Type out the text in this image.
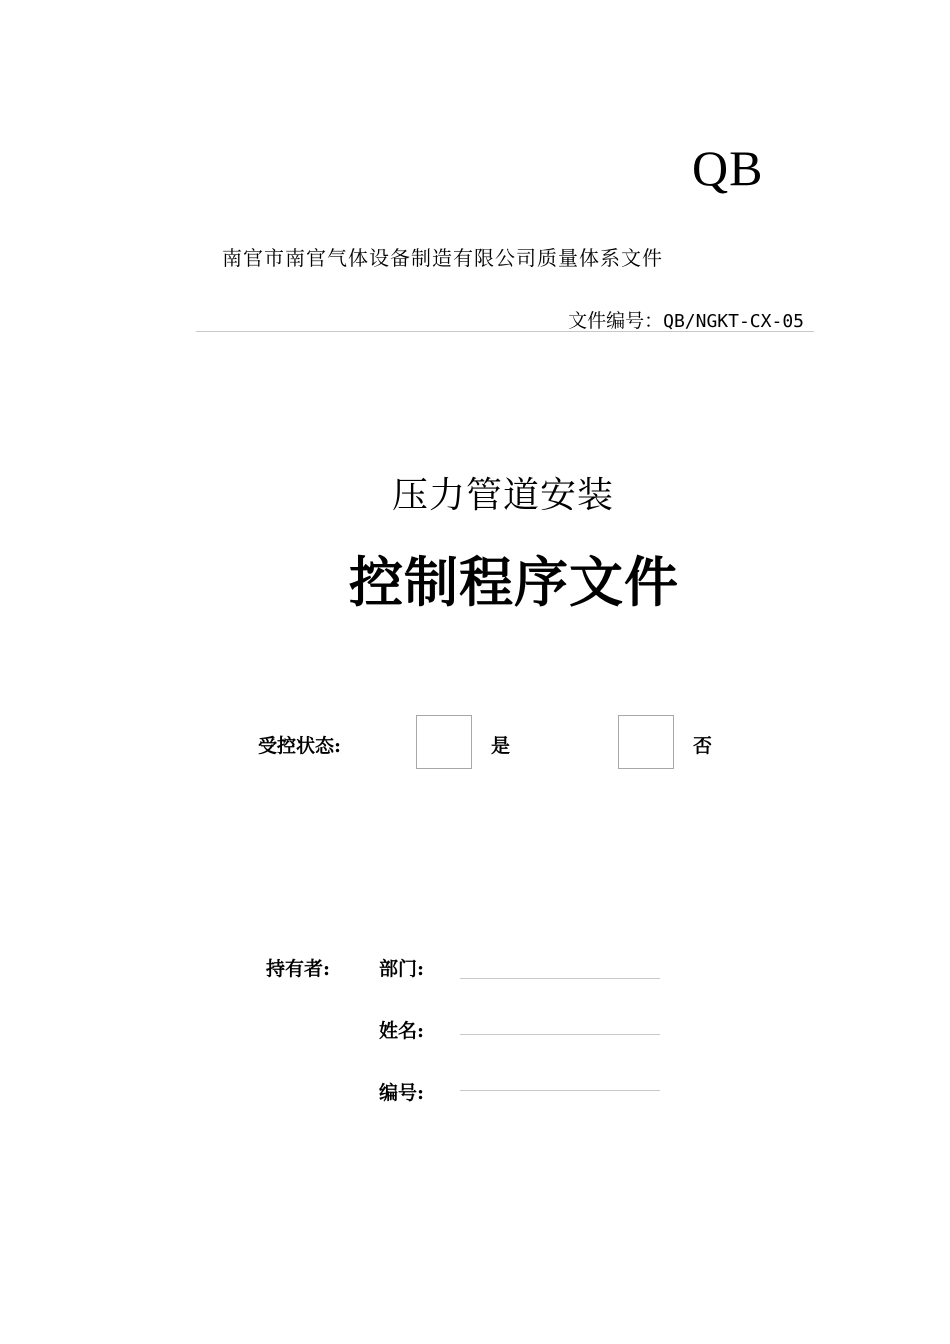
QB
南官市南官气体设备制造有限公司质量体系文件
文件编号：QB/NGKT-CX-05
压力管道安装
控制程序文件
受控状态:	是	否
持有者:	部门:
姓名:
编号:
